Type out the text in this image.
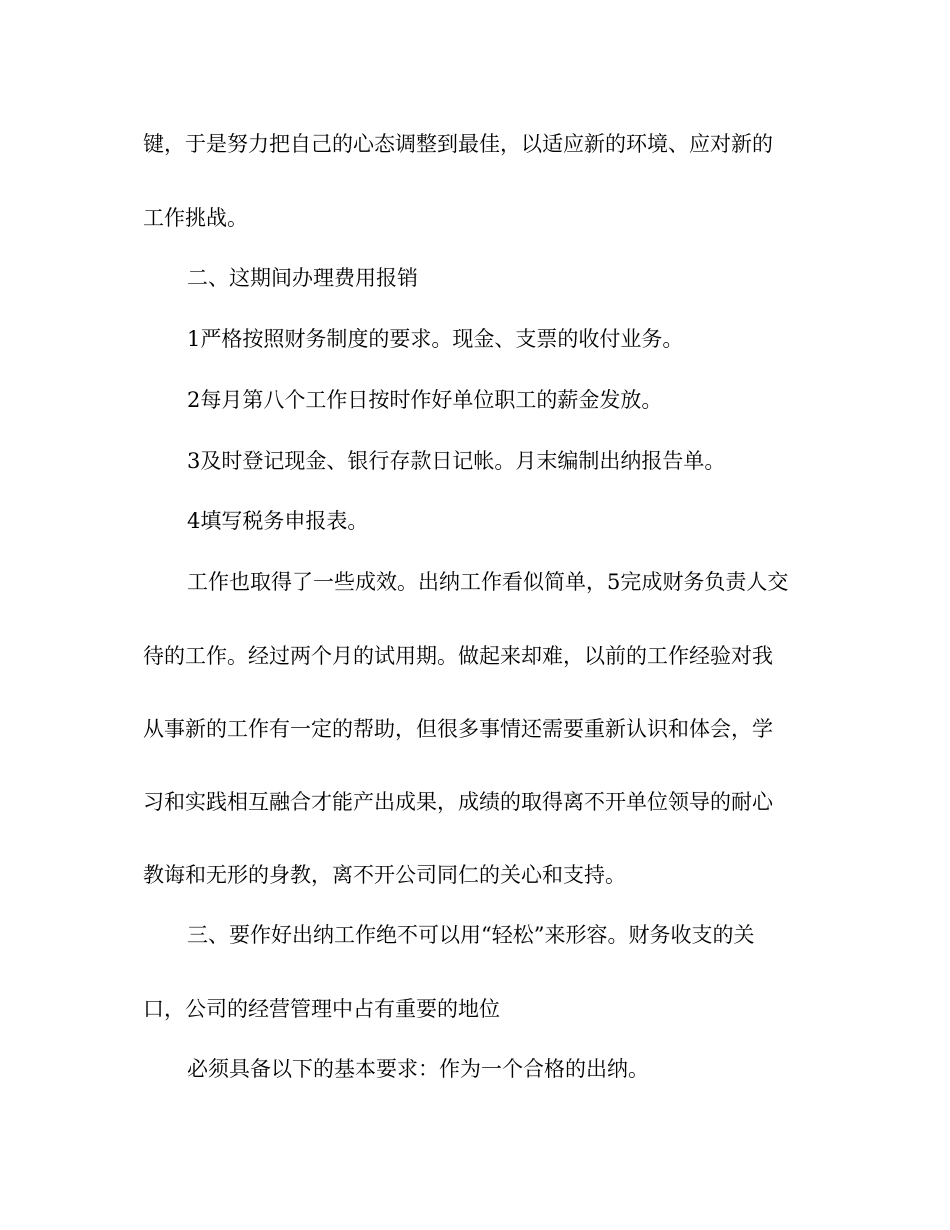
键，于是努力把自己的心态调整到最佳，以适应新的环境、应对新的
工作挑战。
二、这期间办理费用报销
1严格按照财务制度的要求。现金、支票的收付业务。
2每月第八个工作日按时作好单位职工的薪金发放。
3及时登记现金、银行存款日记帐。月末编制出纳报告单。
4填写税务申报表。
工作也取得了一些成效。出纳工作看似简单，5完成财务负责人交
待的工作。经过两个月的试用期。做起来却难，以前的工作经验对我
从事新的工作有一定的帮助，但很多事情还需要重新认识和体会，学
习和实践相互融合才能产出成果，成绩的取得离不开单位领导的耐心
教诲和无形的身教，离不开公司同仁的关心和支持。
三、要作好出纳工作绝不可以用“轻松”来形容。财务收支的关
口，公司的经营管理中占有重要的地位
必须具备以下的基本要求：作为一个合格的出纳。
